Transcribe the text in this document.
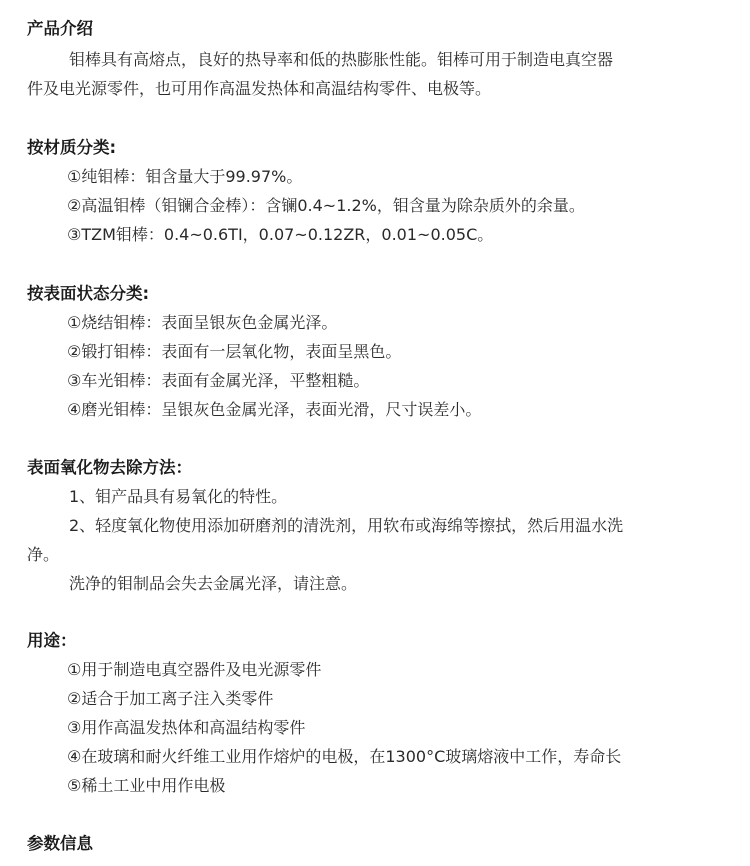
产品介绍
钼棒具有高熔点，良好的热导率和低的热膨胀性能。钼棒可用于制造电真空器
件及电光源零件，也可用作高温发热体和高温结构零件、电极等。
按材质分类:
①纯钼棒：钼含量大于99.97%。
②高温钼棒（钼镧合金棒）：含镧0.4~1.2%，钼含量为除杂质外的余量。
③TZM钼棒：0.4~0.6TI，0.07~0.12ZR，0.01~0.05C。
按表面状态分类:
①烧结钼棒：表面呈银灰色金属光泽。
②锻打钼棒：表面有一层氧化物，表面呈黑色。
③车光钼棒：表面有金属光泽，平整粗糙。
④磨光钼棒：呈银灰色金属光泽，表面光滑，尺寸误差小。
表面氧化物去除方法：
1、钼产品具有易氧化的特性。
2、轻度氧化物使用添加研磨剂的清洗剂，用软布或海绵等擦拭，然后用温水洗
净。
洗净的钼制品会失去金属光泽，请注意。
用途：
①用于制造电真空器件及电光源零件
②适合于加工离子注入类零件
③用作高温发热体和高温结构零件
④在玻璃和耐火纤维工业用作熔炉的电极，在1300°C玻璃熔液中工作，寿命长
⑤稀土工业中用作电极
参数信息
